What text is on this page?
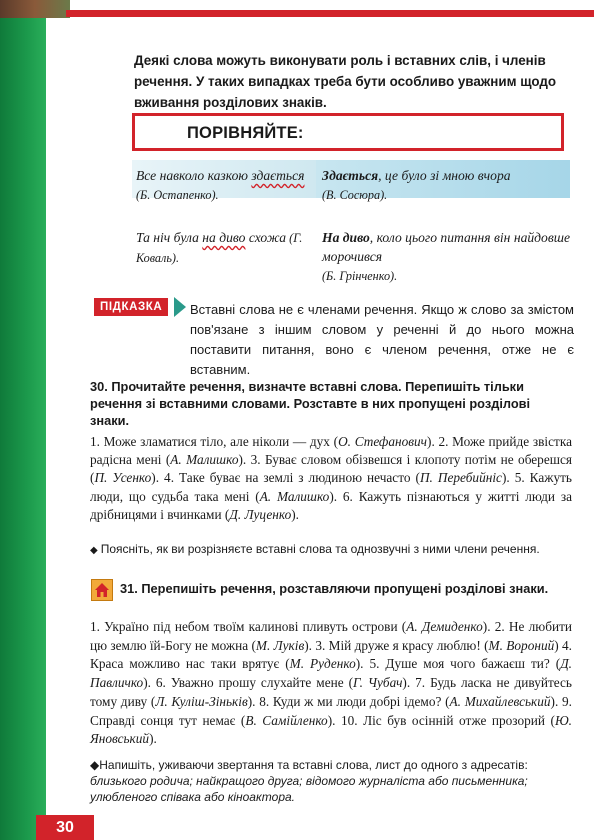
Деякі слова можуть виконувати роль і вставних слів, і членів речення. У таких випадках треба бути особливо уважним щодо вживання розділових знаків.
ПОРІВНЯЙТЕ:
Все навколо казкою здається
(Б. Остапенко).
Здається, це було зі мною вчора
(В. Сосюра).
Та ніч була на диво схожа (Г. Коваль).
На диво, коло цього питання він найдовше морочився
(Б. Грінченко).
ПІДКАЗКА	Вставні слова не є членами речення. Якщо ж слово за змістом пов'язане з іншим словом у реченні й до нього можна поставити питання, воно є членом речення, отже не є вставним.
30. Прочитайте речення, визначте вставні слова. Перепишіть тільки речення зі вставними словами. Розставте в них пропущені розділові знаки.
1. Може зламатися тіло, але ніколи — дух (О. Стефанович). 2. Може прийде звістка радісна мені (А. Малишко). 3. Буває словом обізвешся і клопоту потім не оберешся (П. Усенко). 4. Таке буває на землі з людиною нечасто (П. Перебийніс). 5. Кажуть люди, що судьба така мені (А. Малишко). 6. Кажуть пізнаються у житті люди за дрібницями і вчинками (Д. Луценко).
◆ Поясніть, як ви розрізняєте вставні слова та однозвучні з ними члени речення.
31. Перепишіть речення, розставляючи пропущені розділові знаки.
1. Україно під небом твоїм калинові пливуть острови (А. Демиденко). 2. Не любити цю землю їй-Богу не можна (М. Луків). 3. Мій друже я красу люблю! (М. Вороний) 4. Краса можливо нас таки врятує (М. Руденко). 5. Душе моя чого бажаєш ти? (Д. Павличко). 6. Уважно прошу слухайте мене (Г. Чубач). 7. Будь ласка не дивуйтесь тому диву (Л. Куліш-Зіньків). 8. Куди ж ми люди добрі ідемо? (А. Михайлевський). 9. Справді сонця тут немає (В. Самійленко). 10. Ліс був осінній отже прозорий (Ю. Яновський).
◆Напишіть, уживаючи звертання та вставні слова, лист до одного з адресатів: близького родича; найкращого друга; відомого журналіста або письменника; улюбленого співака або кіноактора.
30
